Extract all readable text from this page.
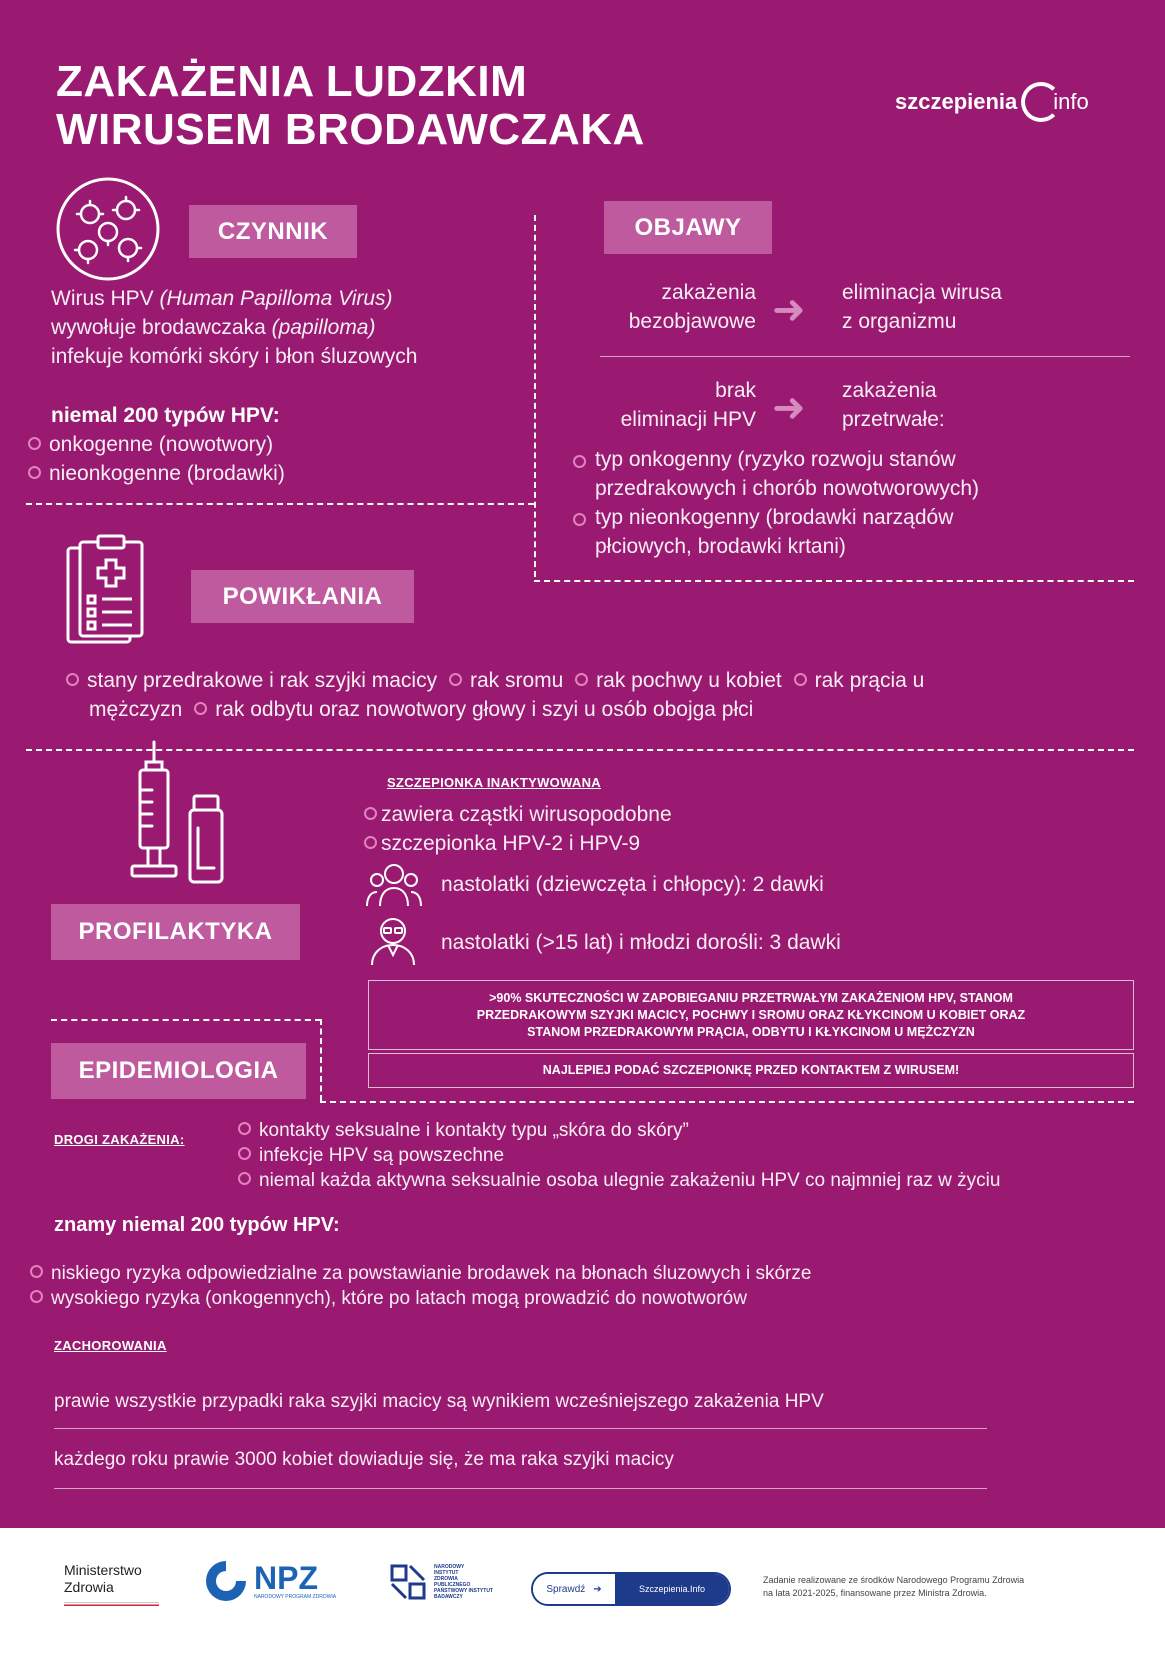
ZAKAŻENIA LUDZKIM
WIRUSEM BRODAWCZAKA
szczepienia info
CZYNNIK
Wirus HPV (Human Papilloma Virus)
wywołuje brodawczaka (papilloma)
infekuje komórki skóry i błon śluzowych
niemal 200 typów HPV:
onkogenne (nowotwory)
nieonkogenne (brodawki)
OBJAWY
zakażenia
bezobjawowe ➜ eliminacja wirusa
z organizmu
brak
eliminacji HPV ➜ zakażenia
przetrwałe:
typ onkogenny (ryzyko rozwoju stanów
przedrakowych i chorób nowotworowych)
typ nieonkogenny (brodawki narządów
płciowych, brodawki krtani)
POWIKŁANIA
stany przedrakowe i rak szyjki macicy rak sromu rak pochwy u kobiet rak prącia u
mężczyzn rak odbytu oraz nowotwory głowy i szyi u osób obojga płci
SZCZEPIONKA INAKTYWOWANA
zawiera cząstki wirusopodobne
szczepionka HPV-2 i HPV-9
nastolatki (dziewczęta i chłopcy): 2 dawki
nastolatki (>15 lat) i młodzi dorośli: 3 dawki
PROFILAKTYKA
>90% SKUTECZNOŚCI W ZAPOBIEGANIU PRZETRWAŁYM ZAKAŻENIOM HPV, STANOM
PRZEDRAKOWYM SZYJKI MACICY, POCHWY I SROMU ORAZ KŁYKCINOM U KOBIET ORAZ
STANOM PRZEDRAKOWYM PRĄCIA, ODBYTU I KŁYKCINOM U MĘŻCZYZN
NAJLEPIEJ PODAĆ SZCZEPIONKĘ PRZED KONTAKTEM Z WIRUSEM!
EPIDEMIOLOGIA
DROGI ZAKAŻENIA:	kontakty seksualne i kontakty typu „skóra do skóry”
infekcje HPV są powszechne
niemal każda aktywna seksualnie osoba ulegnie zakażeniu HPV co najmniej raz w życiu
znamy niemal 200 typów HPV:
niskiego ryzyka odpowiedzialne za powstawianie brodawek na błonach śluzowych i skórze
wysokiego ryzyka (onkogennych), które po latach mogą prowadzić do nowotworów
ZACHOROWANIA
prawie wszystkie przypadki raka szyjki macicy są wynikiem wcześniejszego zakażenia HPV
każdego roku prawie 3000 kobiet dowiaduje się, że ma raka szyjki macicy
Ministerstwo
Zdrowia	NPZ
NARODOWY PROGRAM ZDROWIA
NARODOWY
INSTYTUT
ZDROWIA
PUBLICZNEGO
PAŃSTWOWY INSTYTUT
BADAWCZY
Sprawdź ➔	Szczepienia.Info
Zadanie realizowane ze środków Narodowego Programu Zdrowia
na lata 2021-2025, finansowane przez Ministra Zdrowia.
